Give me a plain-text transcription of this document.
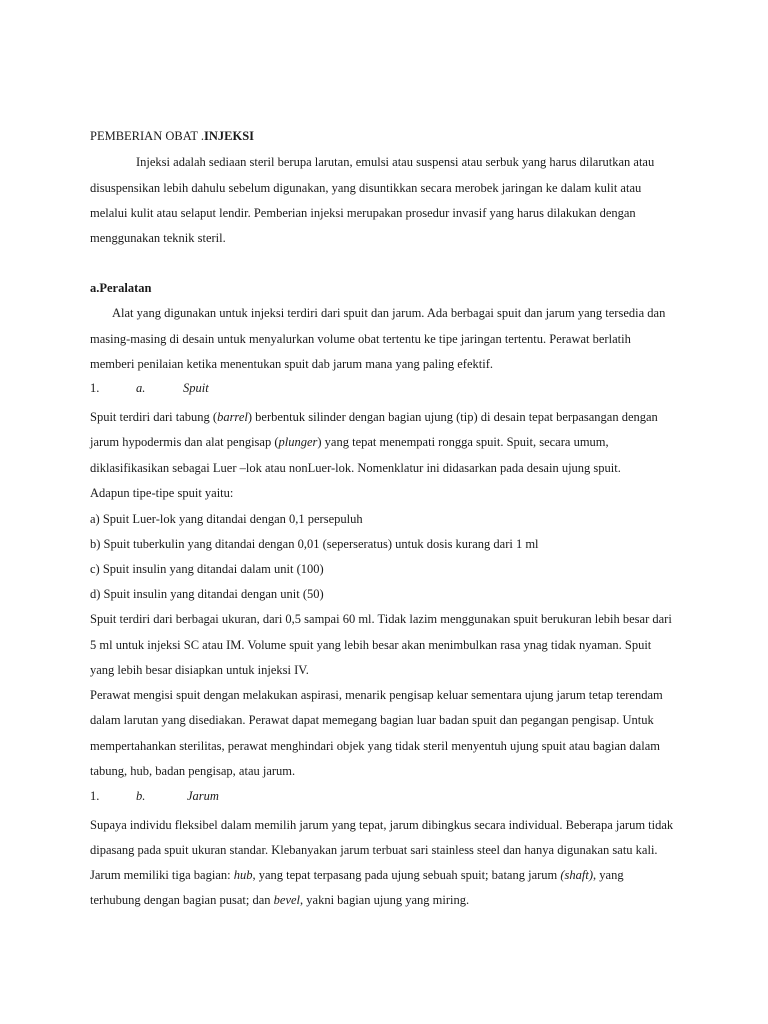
PEMBERIAN OBAT .INJEKSI
Injeksi adalah sediaan steril berupa larutan, emulsi atau suspensi atau serbuk yang harus dilarutkan atau
disuspensikan lebih dahulu sebelum digunakan, yang disuntikkan secara merobek jaringan ke dalam kulit atau
melalui kulit atau selaput lendir. Pemberian injeksi merupakan prosedur invasif yang harus dilakukan dengan
menggunakan teknik steril.
a.Peralatan
Alat yang digunakan untuk injeksi terdiri dari spuit dan jarum. Ada berbagai spuit dan jarum yang tersedia dan
masing-masing di desain untuk menyalurkan volume obat tertentu ke tipe jaringan tertentu. Perawat berlatih
memberi penilaian ketika menentukan spuit dab jarum mana yang paling efektif.
1.	a.	Spuit
Spuit terdiri dari tabung (barrel) berbentuk silinder dengan bagian ujung (tip) di desain tepat berpasangan dengan
jarum hypodermis dan alat pengisap (plunger) yang tepat menempati rongga spuit. Spuit, secara umum,
diklasifikasikan sebagai Luer –lok atau nonLuer-lok. Nomenklatur ini didasarkan pada desain ujung spuit.
Adapun tipe-tipe spuit yaitu:
a) Spuit Luer-lok yang ditandai dengan 0,1 persepuluh
b) Spuit tuberkulin yang ditandai dengan 0,01 (seperseratus) untuk dosis kurang dari 1 ml
c) Spuit insulin yang ditandai dalam unit (100)
d) Spuit insulin yang ditandai dengan unit (50)
Spuit terdiri dari berbagai ukuran, dari 0,5 sampai 60 ml. Tidak lazim menggunakan spuit berukuran lebih besar dari
5 ml untuk injeksi SC atau IM. Volume spuit yang lebih besar akan menimbulkan rasa ynag tidak nyaman. Spuit
yang lebih besar disiapkan untuk injeksi IV.
Perawat mengisi spuit dengan melakukan aspirasi, menarik pengisap keluar sementara ujung jarum tetap terendam
dalam larutan yang disediakan. Perawat dapat memegang bagian luar badan spuit dan pegangan pengisap. Untuk
mempertahankan sterilitas, perawat menghindari objek yang tidak steril menyentuh ujung spuit atau bagian dalam
tabung, hub, badan pengisap, atau jarum.
1.	b.	Jarum
Supaya individu fleksibel dalam memilih jarum yang tepat, jarum dibingkus secara individual. Beberapa jarum tidak
dipasang pada spuit ukuran standar. Klebanyakan jarum terbuat sari stainless steel dan hanya digunakan satu kali.
Jarum memiliki tiga bagian: hub, yang tepat terpasang pada ujung sebuah spuit; batang jarum (shaft), yang
terhubung dengan bagian pusat; dan bevel, yakni bagian ujung yang miring.
